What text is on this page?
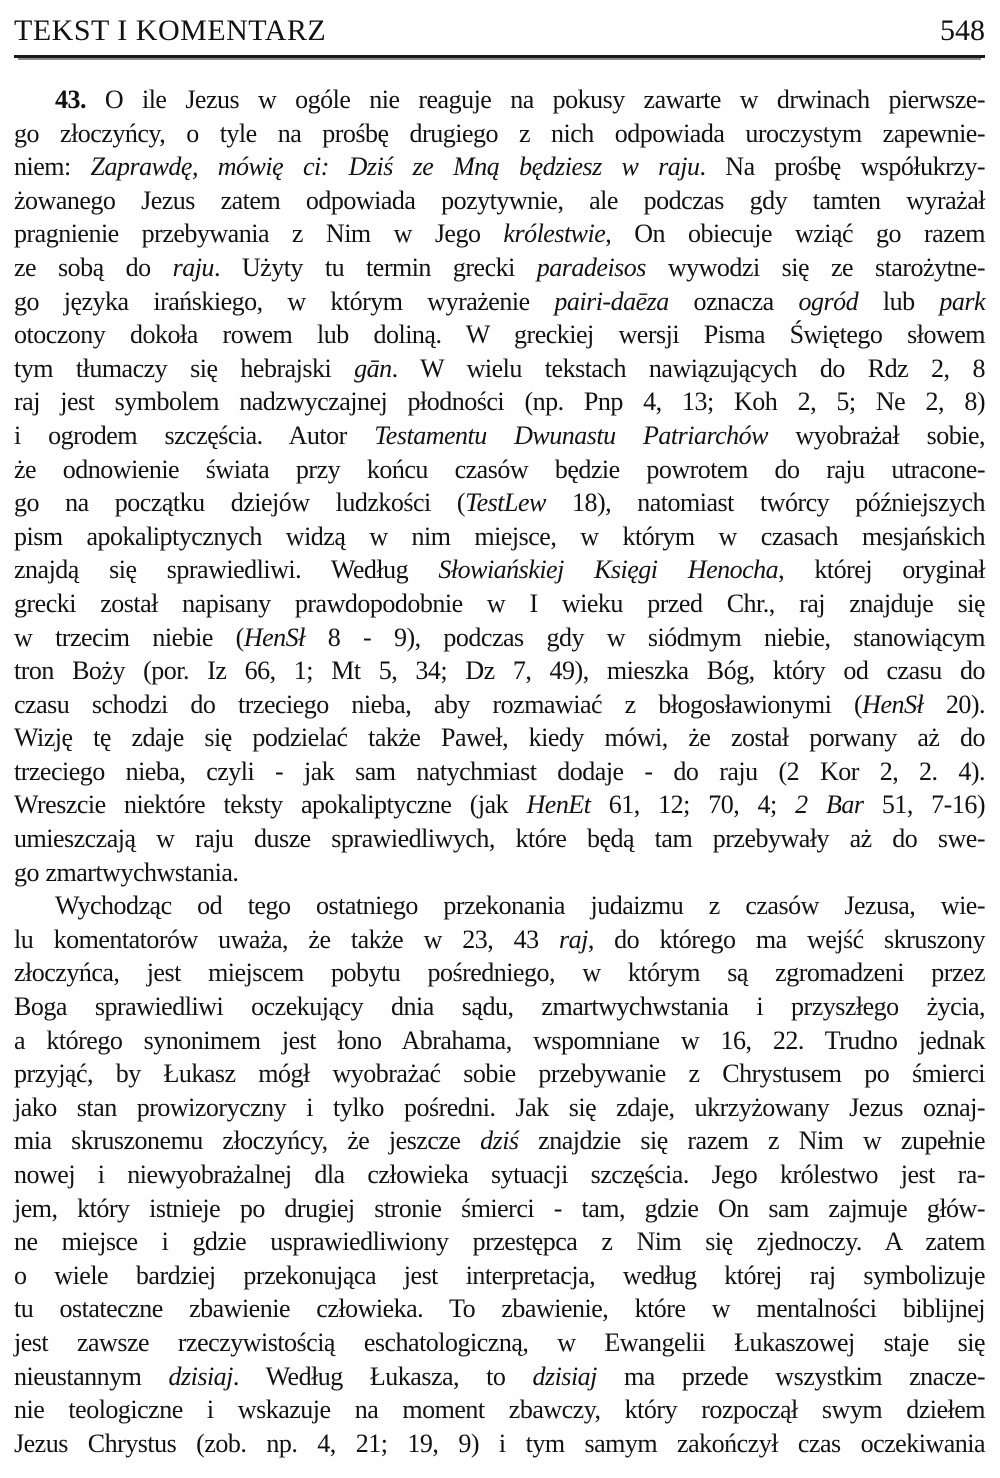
TEKST I KOMENTARZ	548
43. O ile Jezus w ogóle nie reaguje na pokusy zawarte w drwinach pierwsze-
go złoczyńcy, o tyle na prośbę drugiego z nich odpowiada uroczystym zapewnie-
niem: Zaprawdę, mówię ci: Dziś ze Mną będziesz w raju. Na prośbę współukrzy-
żowanego Jezus zatem odpowiada pozytywnie, ale podczas gdy tamten wyrażał
pragnienie przebywania z Nim w Jego królestwie, On obiecuje wziąć go razem
ze sobą do raju. Użyty tu termin grecki paradeisos wywodzi się ze starożytne-
go języka irańskiego, w którym wyrażenie pairi-daēza oznacza ogród lub park
otoczony dokoła rowem lub doliną. W greckiej wersji Pisma Świętego słowem
tym tłumaczy się hebrajski gān. W wielu tekstach nawiązujących do Rdz 2, 8
raj jest symbolem nadzwyczajnej płodności (np. Pnp 4, 13; Koh 2, 5; Ne 2, 8)
i ogrodem szczęścia. Autor Testamentu Dwunastu Patriarchów wyobrażał sobie,
że odnowienie świata przy końcu czasów będzie powrotem do raju utracone-
go na początku dziejów ludzkości (TestLew 18), natomiast twórcy późniejszych
pism apokaliptycznych widzą w nim miejsce, w którym w czasach mesjańskich
znajdą się sprawiedliwi. Według Słowiańskiej Księgi Henocha, której oryginał
grecki został napisany prawdopodobnie w I wieku przed Chr., raj znajduje się
w trzecim niebie (HenSł 8 - 9), podczas gdy w siódmym niebie, stanowiącym
tron Boży (por. Iz 66, 1; Mt 5, 34; Dz 7, 49), mieszka Bóg, który od czasu do
czasu schodzi do trzeciego nieba, aby rozmawiać z błogosławionymi (HenSł 20).
Wizję tę zdaje się podzielać także Paweł, kiedy mówi, że został porwany aż do
trzeciego nieba, czyli - jak sam natychmiast dodaje - do raju (2 Kor 2, 2. 4).
Wreszcie niektóre teksty apokaliptyczne (jak HenEt 61, 12; 70, 4; 2 Bar 51, 7-16)
umieszczają w raju dusze sprawiedliwych, które będą tam przebywały aż do swe-
go zmartwychwstania.
Wychodząc od tego ostatniego przekonania judaizmu z czasów Jezusa, wie-
lu komentatorów uważa, że także w 23, 43 raj, do którego ma wejść skruszony
złoczyńca, jest miejscem pobytu pośredniego, w którym są zgromadzeni przez
Boga sprawiedliwi oczekujący dnia sądu, zmartwychwstania i przyszłego życia,
a którego synonimem jest łono Abrahama, wspomniane w 16, 22. Trudno jednak
przyjąć, by Łukasz mógł wyobrażać sobie przebywanie z Chrystusem po śmierci
jako stan prowizoryczny i tylko pośredni. Jak się zdaje, ukrzyżowany Jezus oznaj-
mia skruszonemu złoczyńcy, że jeszcze dziś znajdzie się razem z Nim w zupełnie
nowej i niewyobrażalnej dla człowieka sytuacji szczęścia. Jego królestwo jest ra-
jem, który istnieje po drugiej stronie śmierci - tam, gdzie On sam zajmuje głów-
ne miejsce i gdzie usprawiedliwiony przestępca z Nim się zjednoczy. A zatem
o wiele bardziej przekonująca jest interpretacja, według której raj symbolizuje
tu ostateczne zbawienie człowieka. To zbawienie, które w mentalności biblijnej
jest zawsze rzeczywistością eschatologiczną, w Ewangelii Łukaszowej staje się
nieustannym dzisiaj. Według Łukasza, to dzisiaj ma przede wszystkim znacze-
nie teologiczne i wskazuje na moment zbawczy, który rozpoczął swym dziełem
Jezus Chrystus (zob. np. 4, 21; 19, 9) i tym samym zakończył czas oczekiwania
